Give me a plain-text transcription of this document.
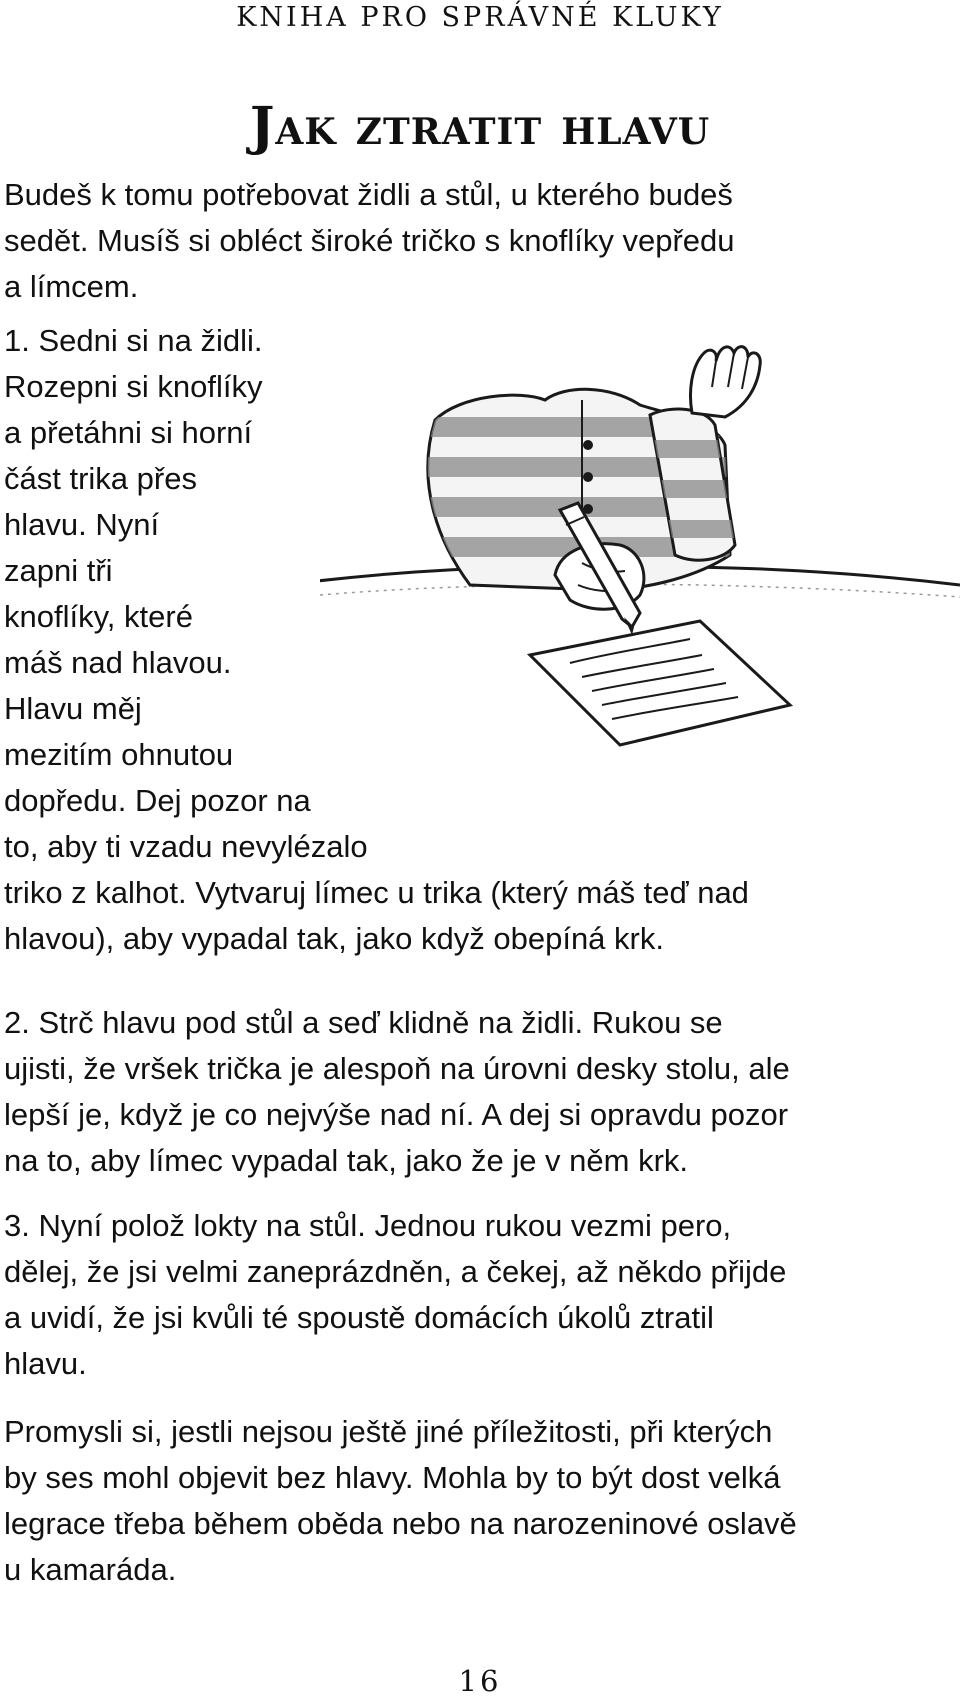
KNIHA PRO SPRÁVNÉ KLUKY
Jak ztratit hlavu

Budeš k tomu potřebovat židli a stůl, u kterého budeš
sedět. Musíš si obléct široké tričko s knoflíky vepředu
a límcem.

1. Sedni si na židli.
Rozepni si knoflíky
a přetáhni si horní
část trika přes
hlavu. Nyní
zapni tři
knoflíky, které
máš nad hlavou.
Hlavu měj
mezitím ohnutou
dopředu. Dej pozor na
to, aby ti vzadu nevylézalo
triko z kalhot. Vytvaruj límec u trika (který máš teď nad
hlavou), aby vypadal tak, jako když obepíná krk.

2. Strč hlavu pod stůl a seď klidně na židli. Rukou se
ujisti, že vršek trička je alespoň na úrovni desky stolu, ale
lepší je, když je co nejvýše nad ní. A dej si opravdu pozor
na to, aby límec vypadal tak, jako že je v něm krk.

3. Nyní polož lokty na stůl. Jednou rukou vezmi pero,
dělej, že jsi velmi zaneprázdněn, a čekej, až někdo přijde
a uvidí, že jsi kvůli té spoustě domácích úkolů ztratil
hlavu.

Promysli si, jestli nejsou ještě jiné příležitosti, při kterých
by ses mohl objevit bez hlavy. Mohla by to být dost velká
legrace třeba během oběda nebo na narozeninové oslavě
u kamaráda.

16
